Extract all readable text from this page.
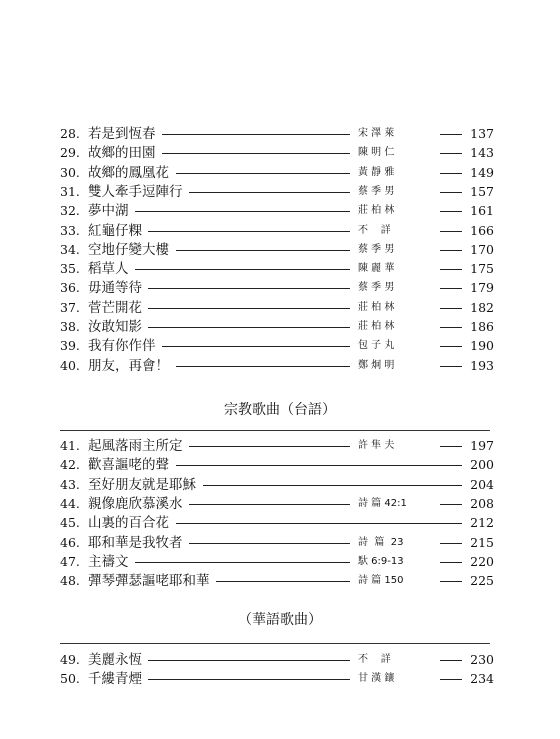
28. 若是到恆春	宋 澤 萊	137
29. 故鄉的田園	陳 明 仁	143
30. 故鄉的鳳凰花	黃 靜 雅	149
31. 雙人牽手逗陣行	蔡 季 男	157
32. 夢中湖	莊 柏 林	161
33. 紅龜仔粿	不    詳	166
34. 空地仔變大樓	蔡 季 男	170
35. 稻草人	陳 麗 華	175
36. 毋通等待	蔡 季 男	179
37. 菅芒開花	莊 柏 林	182
38. 汝敢知影	莊 柏 林	186
39. 我有你作伴	包 子 丸	190
40. 朋友，再會！	鄭 炯 明	193
宗教歌曲（台語）
41. 起風落雨主所定	許 隼 夫	197
42. 歡喜謳咾的聲	200
43. 至好朋友就是耶穌	204
44. 親像鹿欣慕溪水	詩 篇 42:1	208
45. 山裏的百合花	212
46. 耶和華是我牧者	詩  篇  23	215
47. 主禱文	馱 6:9-13	220
48. 彈琴彈瑟謳咾耶和華	詩 篇 150	225
（華語歌曲）
49. 美麗永恆	不    詳	230
50. 千縷青煙	甘 漢 鑲	234
